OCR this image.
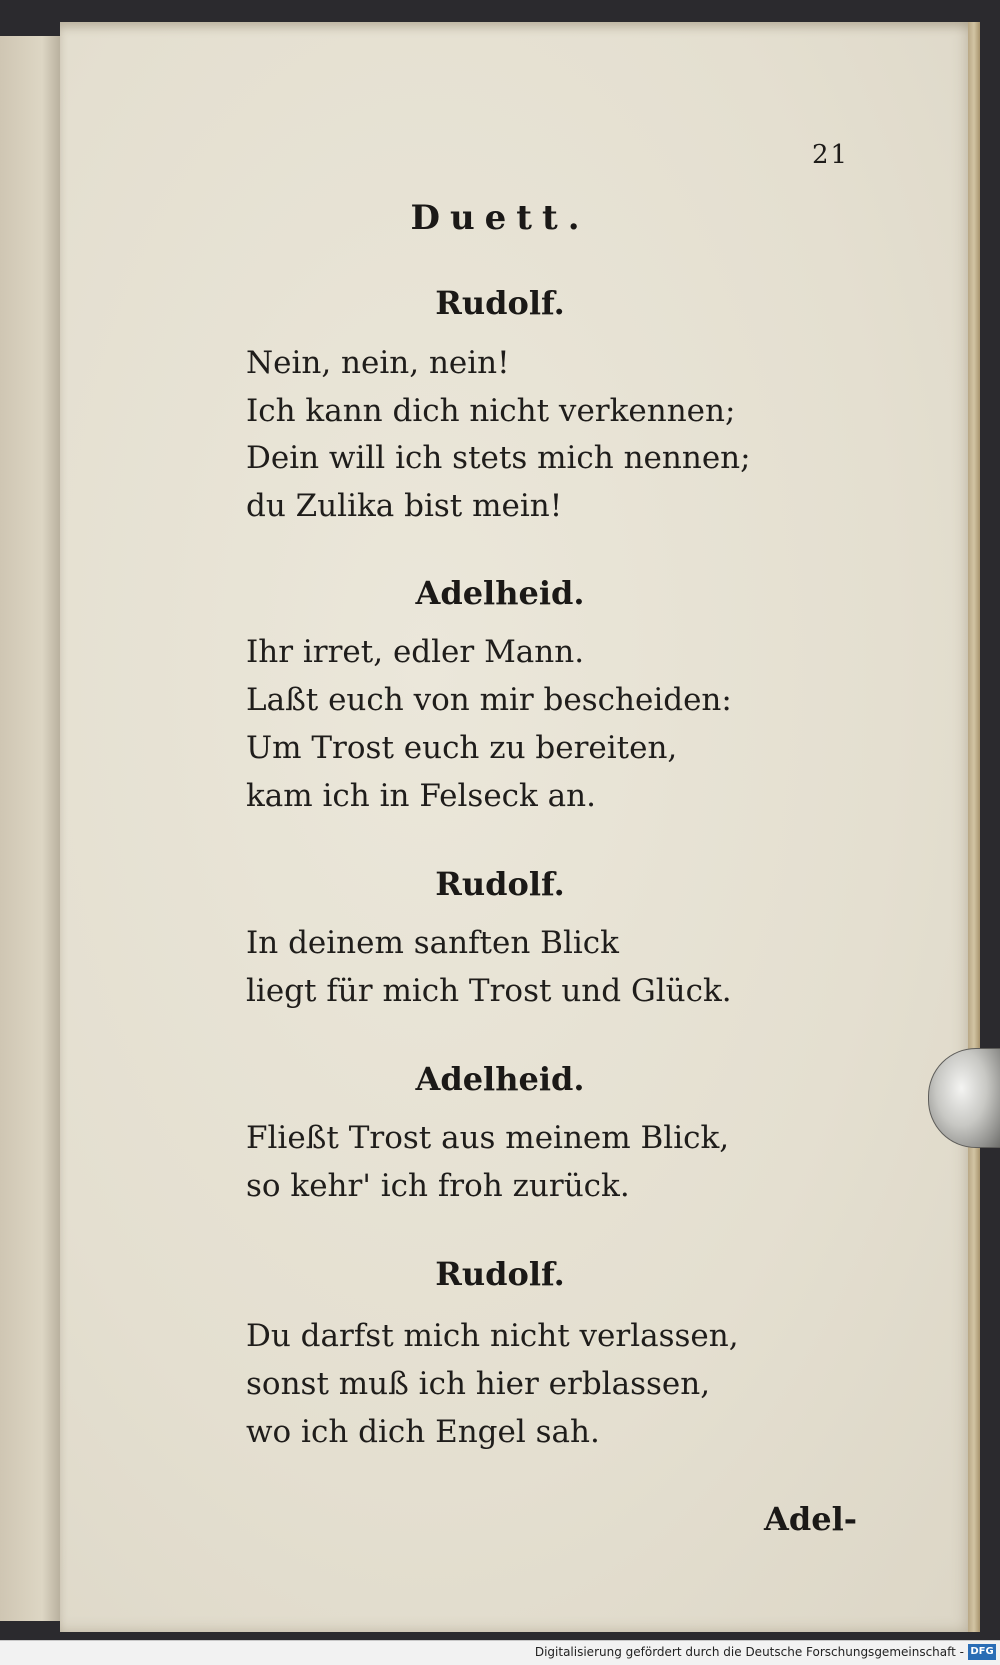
21
Duett.
Rudolf.
Nein, nein, nein!
Ich kann dich nicht verkennen;
Dein will ich stets mich nennen;
du Zulika bist mein!
Adelheid.
Ihr irret, edler Mann.
Laßt euch von mir bescheiden:
Um Trost euch zu bereiten,
kam ich in Felseck an.
Rudolf.
In deinem sanften Blick
liegt für mich Trost und Glück.
Adelheid.
Fließt Trost aus meinem Blick,
so kehr' ich froh zurück.
Rudolf.
Du darfst mich nicht verlassen,
sonst muß ich hier erblassen,
wo ich dich Engel sah.
Adel-
Digitalisierung gefördert durch die Deutsche Forschungsgemeinschaft - DFG
